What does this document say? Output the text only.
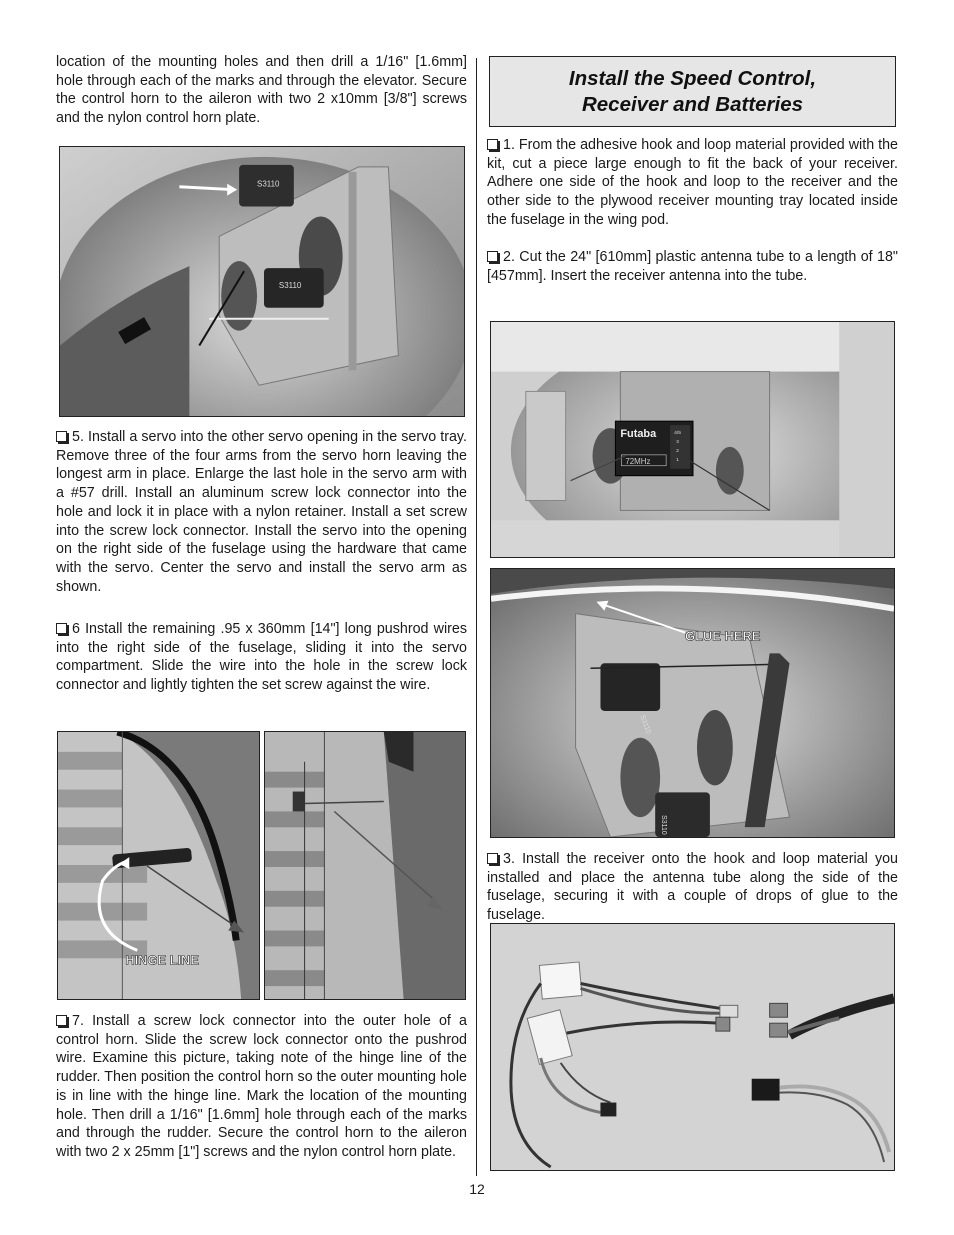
location of the mounting holes and then drill a 1/16" [1.6mm] hole through each of the marks and through the elevator. Secure the control horn to the aileron with two 2 x10mm [3/8"] screws and the nylon control horn plate.

S3110
S3110

5. Install a servo into the other servo opening in the servo tray. Remove three of the four arms from the servo horn leaving the longest arm in place. Enlarge the last hole in the servo arm with a #57 drill. Install an aluminum screw lock connector into the hole and lock it in place with a nylon retainer. Install a set screw into the screw lock connector. Install the servo into the opening on the right side of the fuselage using the hardware that came with the servo. Center the servo and install the servo arm as shown.

6 Install the remaining .95 x 360mm [14"] long pushrod wires into the right side of the fuselage, sliding it into the servo compartment. Slide the wire into the hole in the screw lock connector and lightly tighten the set screw against the wire.

HINGE LINE

7. Install a screw lock connector into the outer hole of a control horn. Slide the screw lock connector onto the pushrod wire. Examine this picture, taking note of the hinge line of the rudder. Then position the control horn so the outer mounting hole is in line with the hinge line. Mark the location of the mounting hole. Then drill a 1/16" [1.6mm] hole through each of the marks and through the rudder. Secure the control horn to the aileron with two 2 x 25mm [1"] screws and the nylon control horn plate.

Install the Speed Control,
Receiver and Batteries

1. From the adhesive hook and loop material provided with the kit, cut a piece large enough to fit the back of your receiver. Adhere one side of the hook and loop to the receiver and the other side to the plywood receiver mounting tray located inside the fuselage in the wing pod.

2. Cut the 24" [610mm] plastic antenna tube to a length of 18" [457mm]. Insert the receiver antenna into the tube.

Futaba	4/5
3
2
1
72MHz
S3110
S3110
GLUE HERE

3. Install the receiver onto the hook and loop material you installed and place the antenna tube along the side of the fuselage, securing it with a couple of drops of glue to the fuselage.

12
